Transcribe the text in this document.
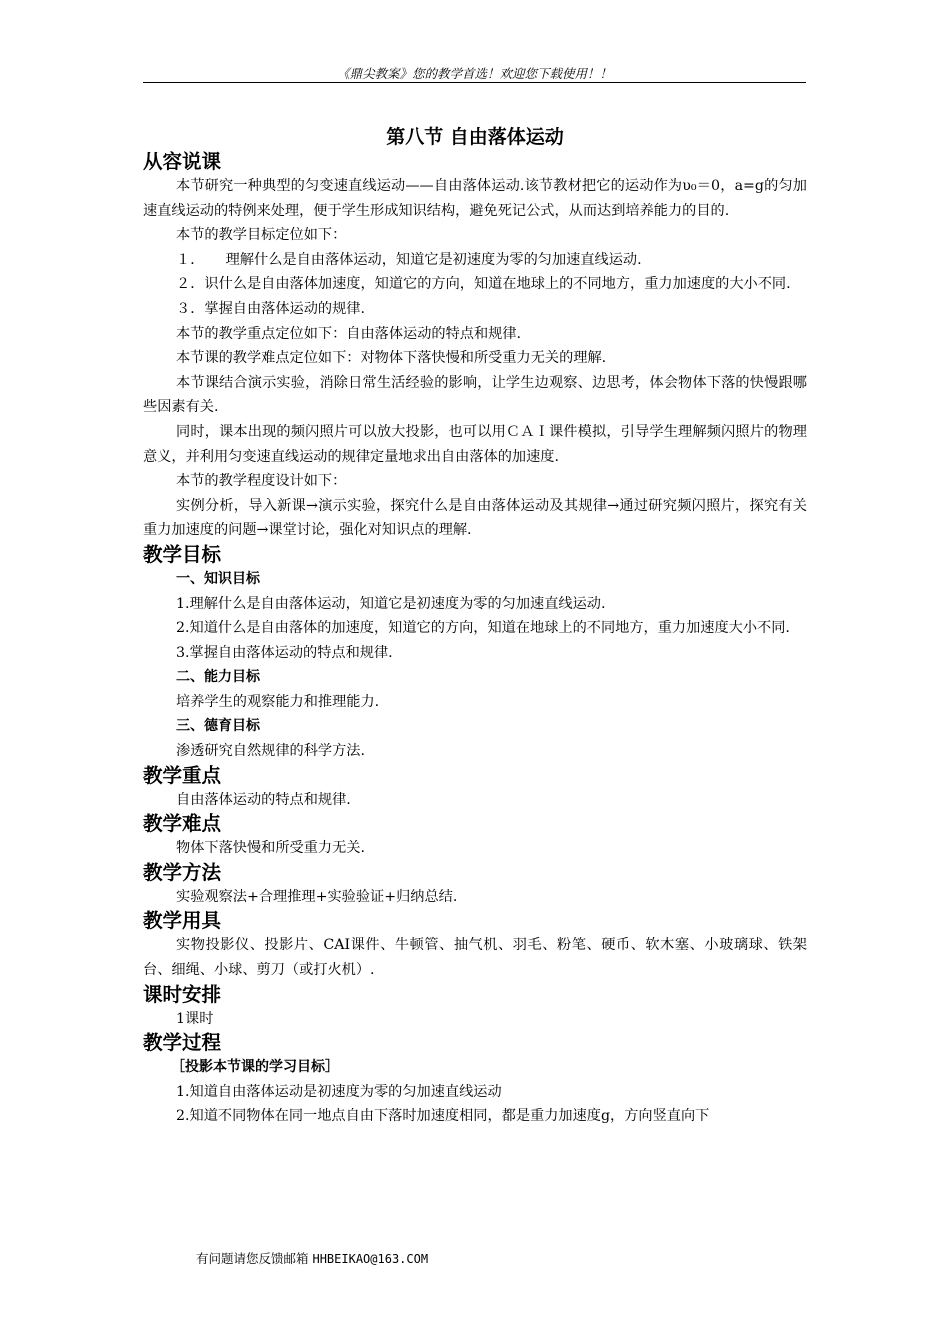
《鼎尖教案》您的教学首选！欢迎您下载使用！！
第八节 自由落体运动
从容说课

本节研究一种典型的匀变速直线运动——自由落体运动.该节教材把它的运动作为υ₀＝0，a=g的匀加速直线运动的特例来处理，便于学生形成知识结构，避免死记公式，从而达到培养能力的目的.

本节的教学目标定位如下：

１．　　理解什么是自由落体运动，知道它是初速度为零的匀加速直线运动.

２．识什么是自由落体加速度，知道它的方向，知道在地球上的不同地方，重力加速度的大小不同.

３．掌握自由落体运动的规律.

本节的教学重点定位如下：自由落体运动的特点和规律.

本节课的教学难点定位如下：对物体下落快慢和所受重力无关的理解.

本节课结合演示实验，消除日常生活经验的影响，让学生边观察、边思考，体会物体下落的快慢跟哪些因素有关.

同时，课本出现的频闪照片可以放大投影，也可以用ＣＡＩ课件模拟，引导学生理解频闪照片的物理意义，并利用匀变速直线运动的规律定量地求出自由落体的加速度.

本节的教学程度设计如下：

实例分析，导入新课→演示实验，探究什么是自由落体运动及其规律→通过研究频闪照片，探究有关重力加速度的问题→课堂讨论，强化对知识点的理解.

教学目标
一、知识目标

1.理解什么是自由落体运动，知道它是初速度为零的匀加速直线运动.

2.知道什么是自由落体的加速度，知道它的方向，知道在地球上的不同地方，重力加速度大小不同.

3.掌握自由落体运动的特点和规律.

二、能力目标

培养学生的观察能力和推理能力.

三、德育目标

渗透研究自然规律的科学方法.

教学重点

自由落体运动的特点和规律.

教学难点

物体下落快慢和所受重力无关.

教学方法

实验观察法+合理推理+实验验证+归纳总结.

教学用具

实物投影仪、投影片、CAI课件、牛顿管、抽气机、羽毛、粉笔、硬币、软木塞、小玻璃球、铁架台、细绳、小球、剪刀（或打火机）.

课时安排

1课时

教学过程
［投影本节课的学习目标］

1.知道自由落体运动是初速度为零的匀加速直线运动

2.知道不同物体在同一地点自由下落时加速度相同，都是重力加速度g，方向竖直向下

有问题请您反馈邮箱 HHBEIKAO@163.COM
